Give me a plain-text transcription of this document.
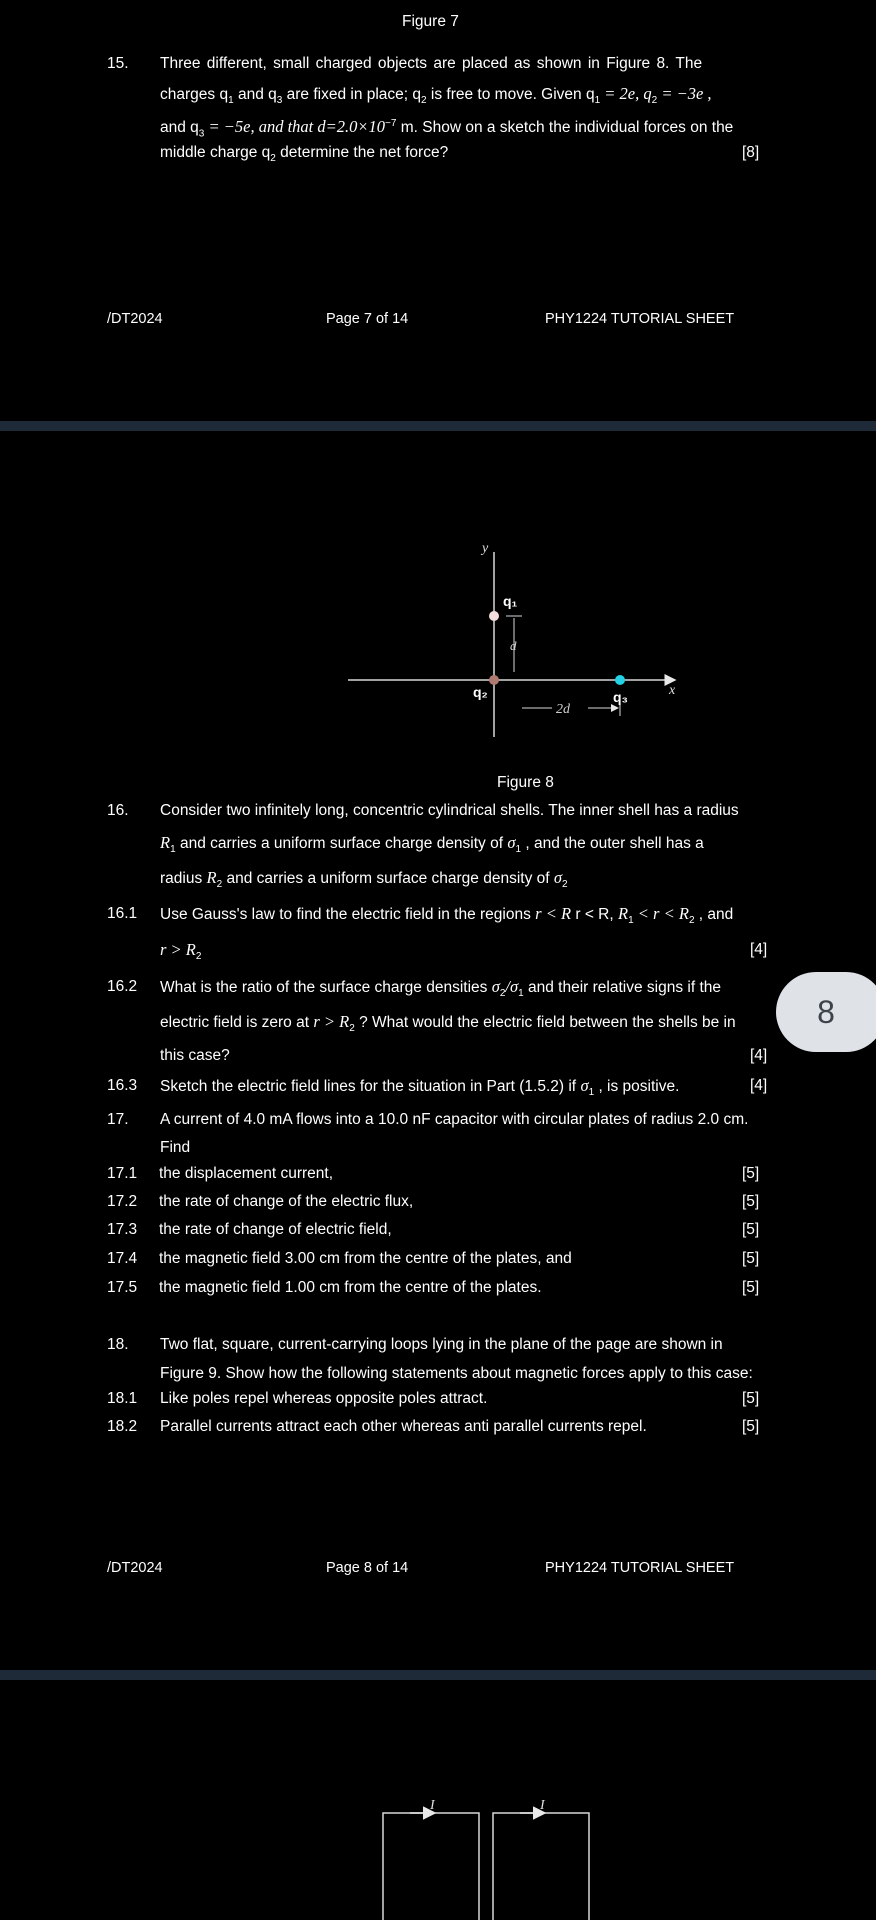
Figure 7
15. Three different, small charged objects are placed as shown in Figure 8. The
charges $q_1$ and $q_3$ are fixed in place; $q_2$ is free to move. Given $q_1 = 2e$, $q_2 = -3e$ ,
and $q_3 = -5e$, and that $d=2.0\times 10^{-7}$ m. Show on a sketch the individual forces on the
middle charge $q_2$ determine the net force?	[8]
/DT2024	Page 7 of 14	PHY1224 TUTORIAL SHEET
y
x
d
2d
q₁
q₂	q₃
Figure 8
16. Consider two infinitely long, concentric cylindrical shells. The inner shell has a radius
$R_1$ and carries a uniform surface charge density of $\sigma_1$ , and the outer shell has a
radius $R_2$ and carries a uniform surface charge density of $\sigma_2$
16.1 Use Gauss's law to find the electric field in the regions r < R r < R, $R_1 < r < R_2$ , and
$r > R_2$	[4]
16.2 What is the ratio of the surface charge densities $\sigma_2/\sigma_1$ and their relative signs if the
electric field is zero at $r > R_2$ ? What would the electric field between the shells be in
this case?	[4]
16.3 Sketch the electric field lines for the situation in Part (1.5.2) if $\sigma_1$ , is positive.	[4]
17. A current of 4.0 mA flows into a 10.0 nF capacitor with circular plates of radius 2.0 cm.
Find
17.1 the displacement current,	[5]
17.2 the rate of change of the electric flux,	[5]
17.3 the rate of change of electric field,	[5]
17.4 the magnetic field 3.00 cm from the centre of the plates, and	[5]
17.5 the magnetic field 1.00 cm from the centre of the plates.	[5]
18. Two flat, square, current-carrying loops lying in the plane of the page are shown in
Figure 9. Show how the following statements about magnetic forces apply to this case:
18.1 Like poles repel whereas opposite poles attract.	[5]
18.2 Parallel currents attract each other whereas anti parallel currents repel.	[5]
/DT2024	Page 8 of 14	PHY1224 TUTORIAL SHEET
I	I
8
